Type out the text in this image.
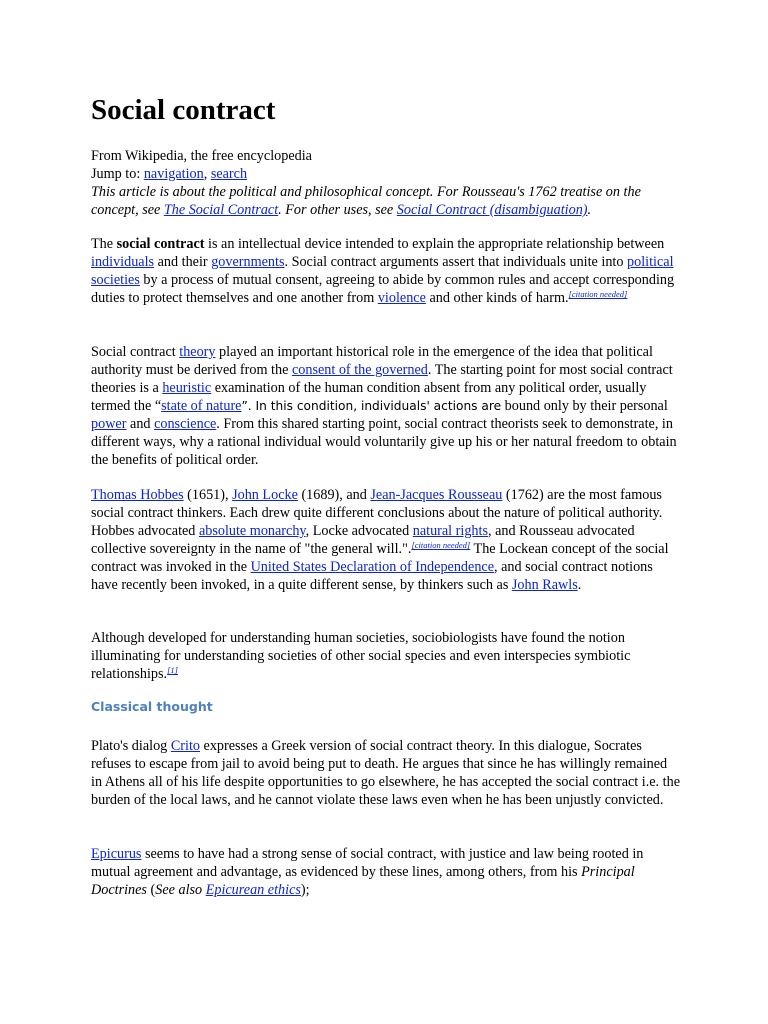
Social contract

From Wikipedia, the free encyclopedia

Jump to: navigation, search

This article is about the political and philosophical concept. For Rousseau's 1762 treatise on the concept, see The Social Contract. For other uses, see Social Contract (disambiguation).

The social contract is an intellectual device intended to explain the appropriate relationship between individuals and their governments. Social contract arguments assert that individuals unite into political societies by a process of mutual consent, agreeing to abide by common rules and accept corresponding duties to protect themselves and one another from violence and other kinds of harm.[citation needed]

Social contract theory played an important historical role in the emergence of the idea that political authority must be derived from the consent of the governed. The starting point for most social contract theories is a heuristic examination of the human condition absent from any political order, usually termed the “state of nature”. In this condition, individuals' actions are bound only by their personal power and conscience. From this shared starting point, social contract theorists seek to demonstrate, in different ways, why a rational individual would voluntarily give up his or her natural freedom to obtain the benefits of political order.

Thomas Hobbes (1651), John Locke (1689), and Jean-Jacques Rousseau (1762) are the most famous social contract thinkers. Each drew quite different conclusions about the nature of political authority. Hobbes advocated absolute monarchy, Locke advocated natural rights, and Rousseau advocated collective sovereignty in the name of "the general will.".[citation needed] The Lockean concept of the social contract was invoked in the United States Declaration of Independence, and social contract notions have recently been invoked, in a quite different sense, by thinkers such as John Rawls.

Although developed for understanding human societies, sociobiologists have found the notion illuminating for understanding societies of other social species and even interspecies symbiotic relationships.[1]

Classical thought

Plato's dialog Crito expresses a Greek version of social contract theory. In this dialogue, Socrates refuses to escape from jail to avoid being put to death. He argues that since he has willingly remained in Athens all of his life despite opportunities to go elsewhere, he has accepted the social contract i.e. the burden of the local laws, and he cannot violate these laws even when he has been unjustly convicted.

Epicurus seems to have had a strong sense of social contract, with justice and law being rooted in mutual agreement and advantage, as evidenced by these lines, among others, from his Principal Doctrines (See also Epicurean ethics);
